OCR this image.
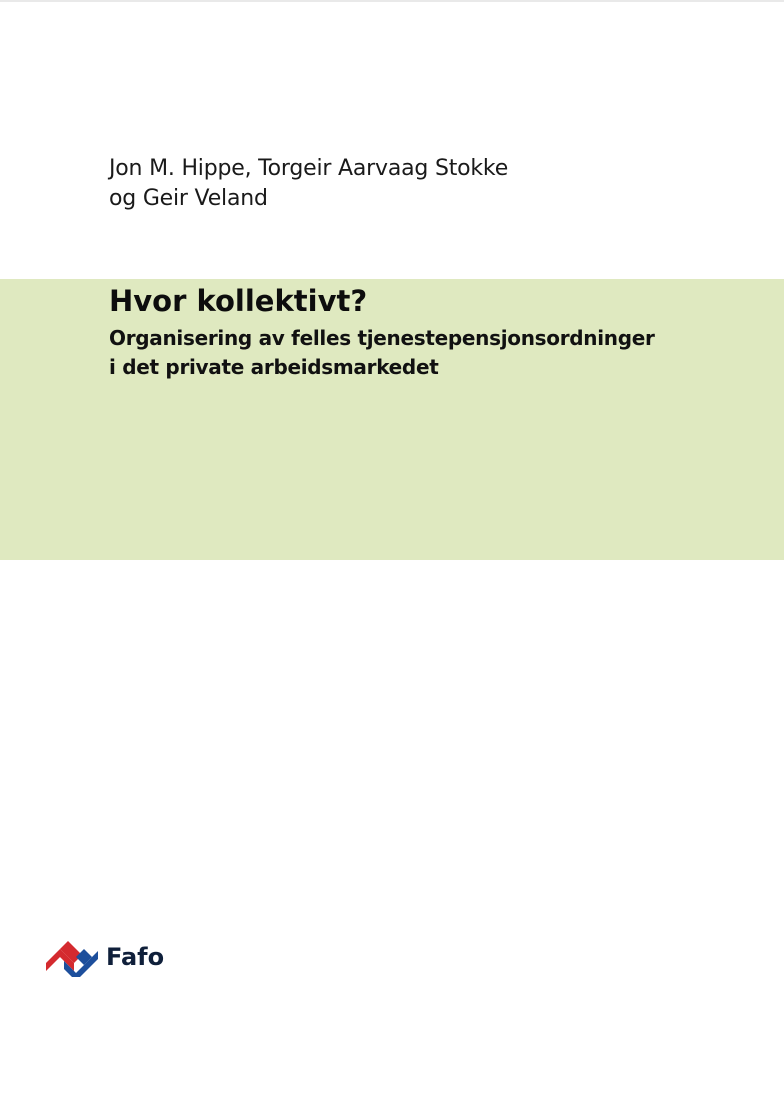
Jon M. Hippe, Torgeir Aarvaag Stokke
og Geir Veland
Hvor kollektivt?
Organisering av felles tjenestepensjonsordninger
i det private arbeidsmarkedet
Fafo
